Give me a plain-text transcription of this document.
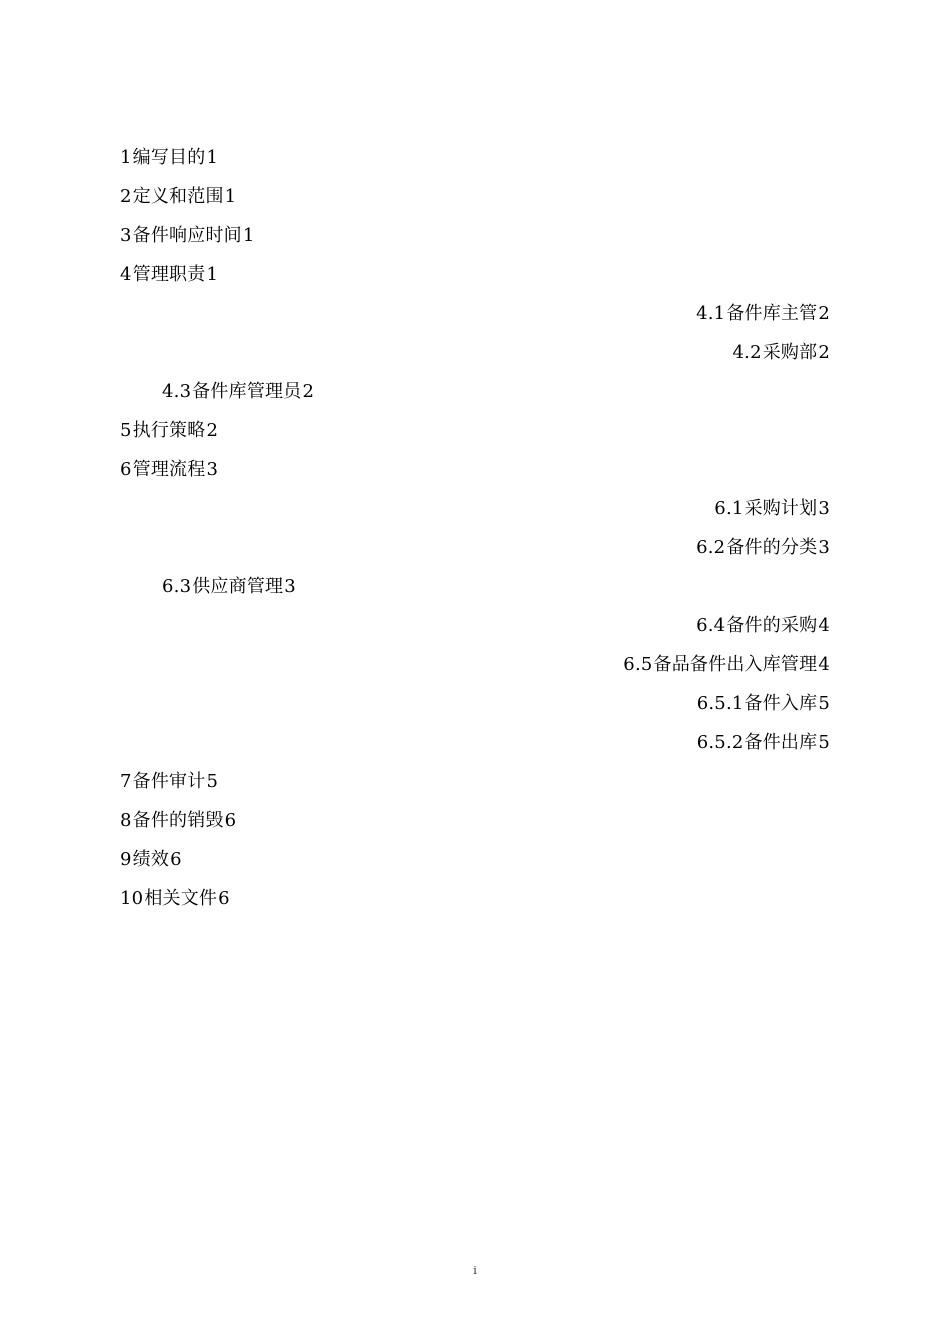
1编写目的1
2定义和范围1
3备件响应时间1
4管理职责1
4.1备件库主管2
4.2采购部2
4.3备件库管理员2
5执行策略2
6管理流程3
6.1采购计划3
6.2备件的分类3
6.3供应商管理3
6.4备件的采购4
6.5备品备件出入库管理4
6.5.1备件入库5
6.5.2备件出库5
7备件审计5
8备件的销毁6
9绩效6
10相关文件6
i
